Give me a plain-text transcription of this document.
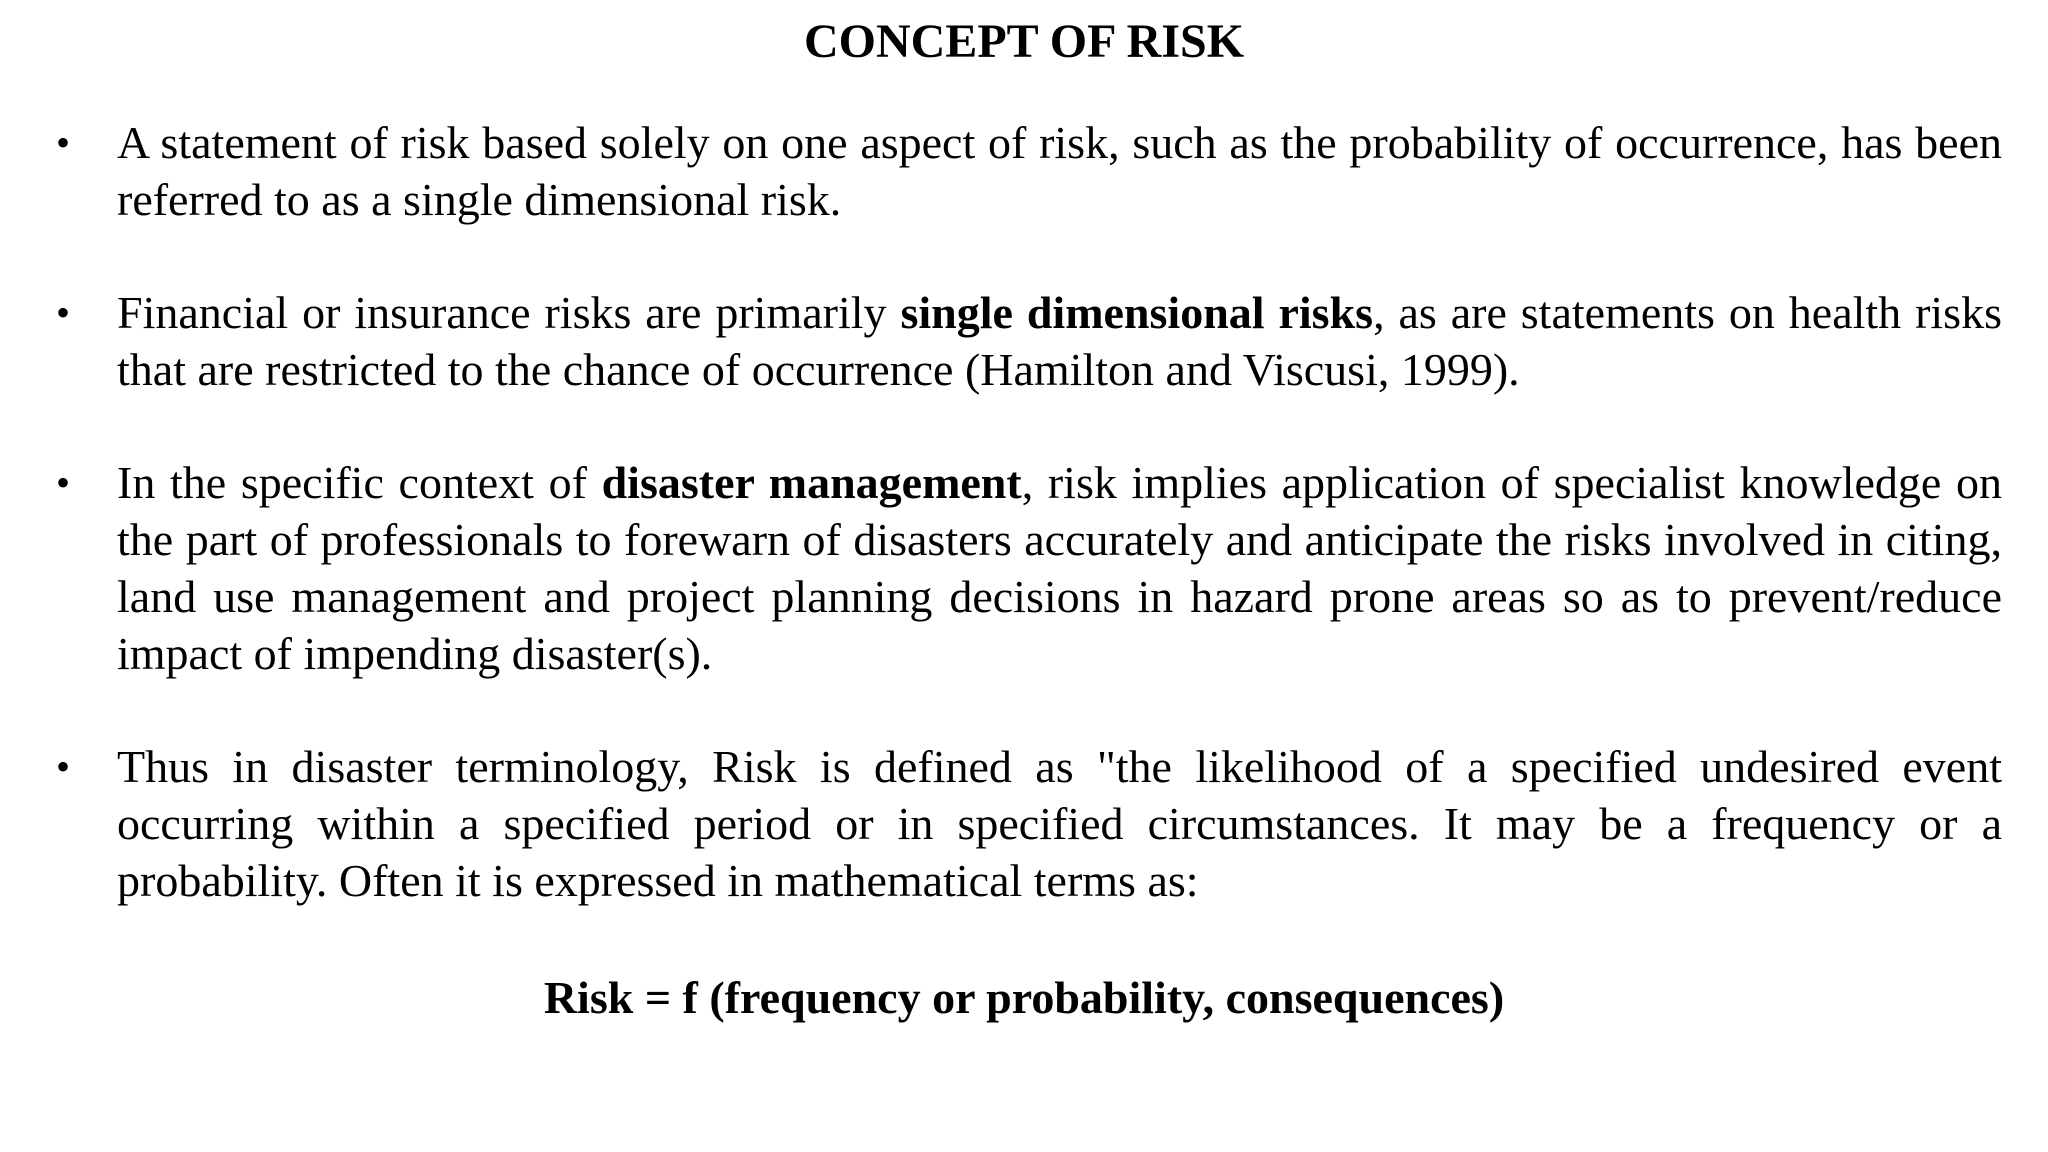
CONCEPT OF RISK
• A statement of risk based solely on one aspect of risk, such as the probability of occurrence, has been referred to as a single dimensional risk.
• Financial or insurance risks are primarily single dimensional risks, as are statements on health risks that are restricted to the chance of occurrence (Hamilton and Viscusi, 1999).
• In the specific context of disaster management, risk implies application of specialist knowledge on the part of professionals to forewarn of disasters accurately and anticipate the risks involved in citing, land use management and project planning decisions in hazard prone areas so as to prevent/reduce impact of impending disaster(s).
• Thus in disaster terminology, Risk is defined as "the likelihood of a specified undesired event occurring within a specified period or in specified circumstances. It may be a frequency or a probability. Often it is expressed in mathematical terms as:
Risk = f (frequency or probability, consequences)
